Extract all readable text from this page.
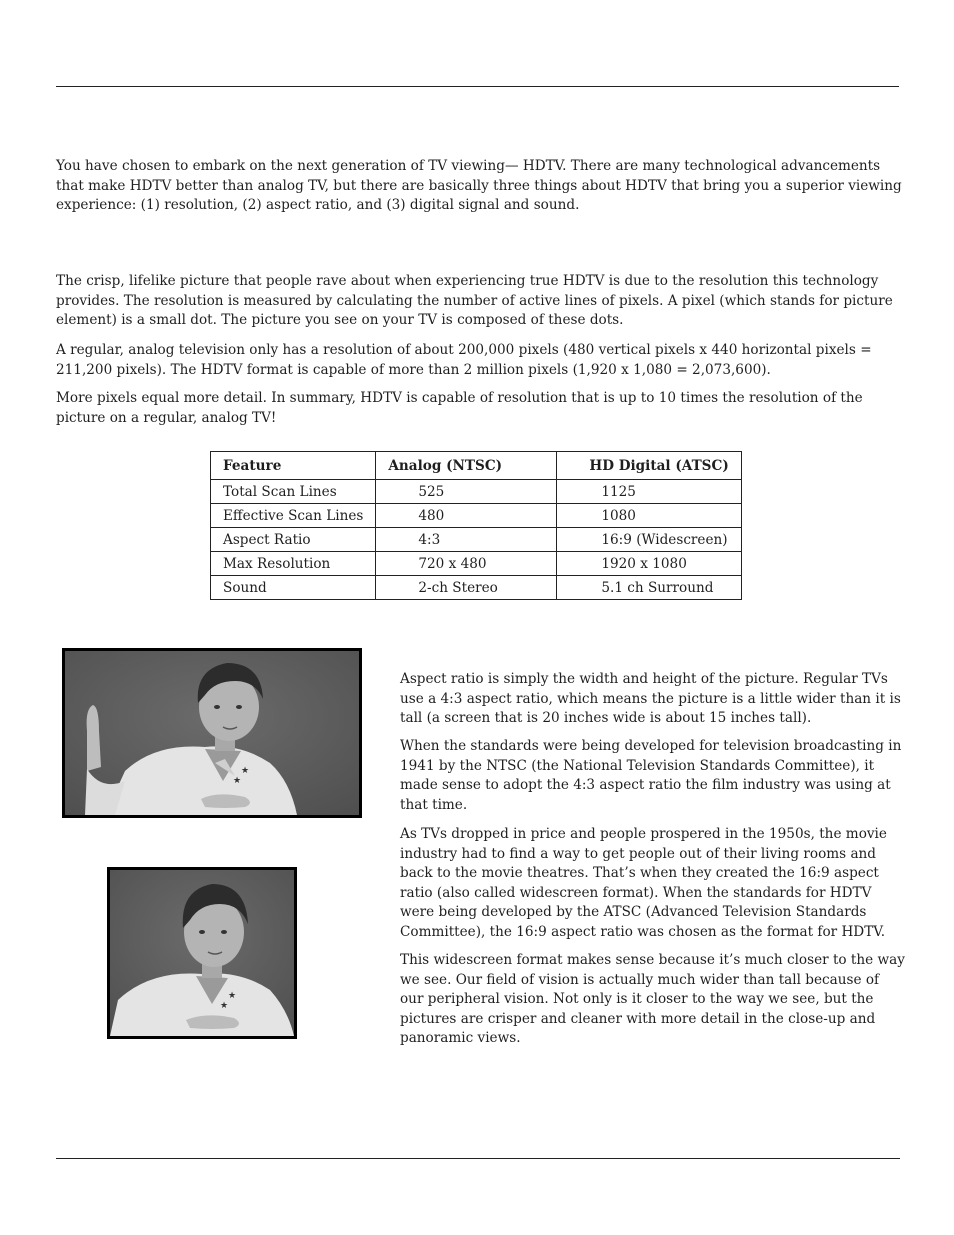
You have chosen to embark on the next generation of TV viewing— HDTV. There are many technological advancements that make HDTV better than analog TV, but there are basically three things about HDTV that bring you a superior viewing experience: (1) resolution, (2) aspect ratio, and (3) digital signal and sound.

The crisp, lifelike picture that people rave about when experiencing true HDTV is due to the resolution this technology provides. The resolution is measured by calculating the number of active lines of pixels. A pixel (which stands for picture element) is a small dot. The picture you see on your TV is composed of these dots.

A regular, analog television only has a resolution of about 200,000 pixels (480 vertical pixels x 440 horizontal pixels = 211,200 pixels). The HDTV format is capable of more than 2 million pixels (1,920 x 1,080 = 2,073,600).

More pixels equal more detail. In summary, HDTV is capable of resolution that is up to 10 times the resolution of the picture on a regular, analog TV!

Feature	Analog (NTSC)	HD Digital (ATSC)
Total Scan Lines	525	1125
Effective Scan Lines	480	1080
Aspect Ratio	4:3	16:9 (Widescreen)
Max Resolution	720 x 480	1920 x 1080
Sound	2-ch Stereo	5.1 ch Surround
★
★
★
★

Aspect ratio is simply the width and height of the picture. Regular TVs use a 4:3 aspect ratio, which means the picture is a little wider than it is tall (a screen that is 20 inches wide is about 15 inches tall).

When the standards were being developed for television broadcasting in 1941 by the NTSC (the National Television Standards Committee), it made sense to adopt the 4:3 aspect ratio the film industry was using at that time.

As TVs dropped in price and people prospered in the 1950s, the movie industry had to find a way to get people out of their living rooms and back to the movie theatres. That’s when they created the 16:9 aspect ratio (also called widescreen format). When the standards for HDTV were being developed by the ATSC (Advanced Television Standards Committee), the 16:9 aspect ratio was chosen as the format for HDTV.

This widescreen format makes sense because it’s much closer to the way we see. Our field of vision is actually much wider than tall because of our peripheral vision. Not only is it closer to the way we see, but the pictures are crisper and cleaner with more detail in the close-up and panoramic views.
